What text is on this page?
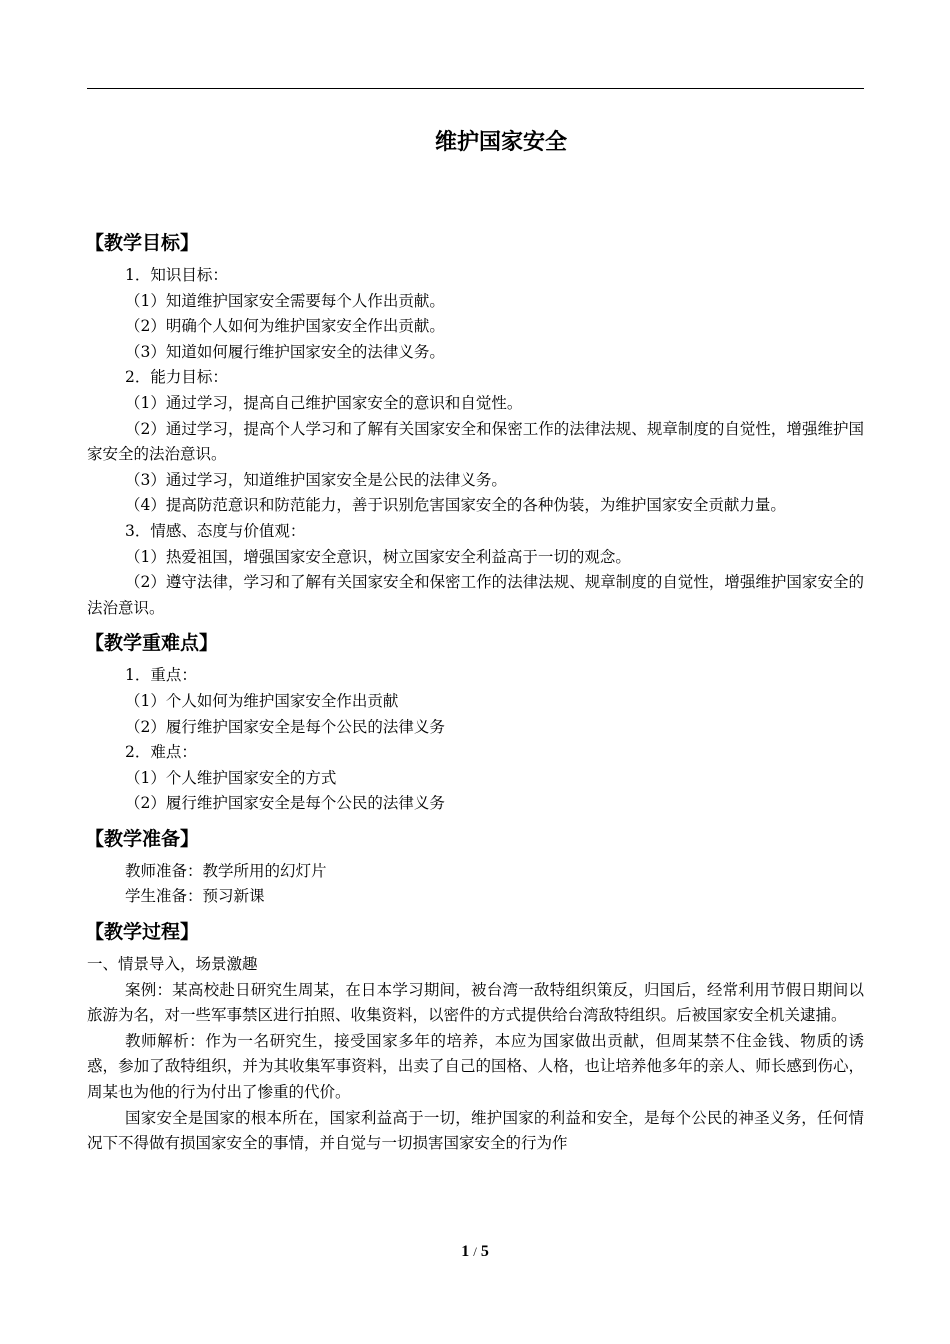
维护国家安全
【教学目标】

1．知识目标：

（1）知道维护国家安全需要每个人作出贡献。

（2）明确个人如何为维护国家安全作出贡献。

（3）知道如何履行维护国家安全的法律义务。

2．能力目标：

（1）通过学习，提高自己维护国家安全的意识和自觉性。

（2）通过学习，提高个人学习和了解有关国家安全和保密工作的法律法规、规章制度的自觉性，增强维护国家安全的法治意识。

（3）通过学习，知道维护国家安全是公民的法律义务。

（4）提高防范意识和防范能力，善于识别危害国家安全的各种伪装，为维护国家安全贡献力量。

3．情感、态度与价值观：

（1）热爱祖国，增强国家安全意识，树立国家安全利益高于一切的观念。

（2）遵守法律，学习和了解有关国家安全和保密工作的法律法规、规章制度的自觉性，增强维护国家安全的法治意识。

【教学重难点】

1．重点：

（1）个人如何为维护国家安全作出贡献

（2）履行维护国家安全是每个公民的法律义务

2．难点：

（1）个人维护国家安全的方式

（2）履行维护国家安全是每个公民的法律义务

【教学准备】

教师准备：教学所用的幻灯片

学生准备：预习新课

【教学过程】

一、情景导入，场景激趣

案例：某高校赴日研究生周某，在日本学习期间，被台湾一敌特组织策反，归国后，经常利用节假日期间以旅游为名，对一些军事禁区进行拍照、收集资料，以密件的方式提供给台湾敌特组织。后被国家安全机关逮捕。

教师解析：作为一名研究生，接受国家多年的培养，本应为国家做出贡献，但周某禁不住金钱、物质的诱惑，参加了敌特组织，并为其收集军事资料，出卖了自己的国格、人格，也让培养他多年的亲人、师长感到伤心，周某也为他的行为付出了惨重的代价。

国家安全是国家的根本所在，国家利益高于一切，维护国家的利益和安全，是每个公民的神圣义务，任何情况下不得做有损国家安全的事情，并自觉与一切损害国家安全的行为作

1 / 5
